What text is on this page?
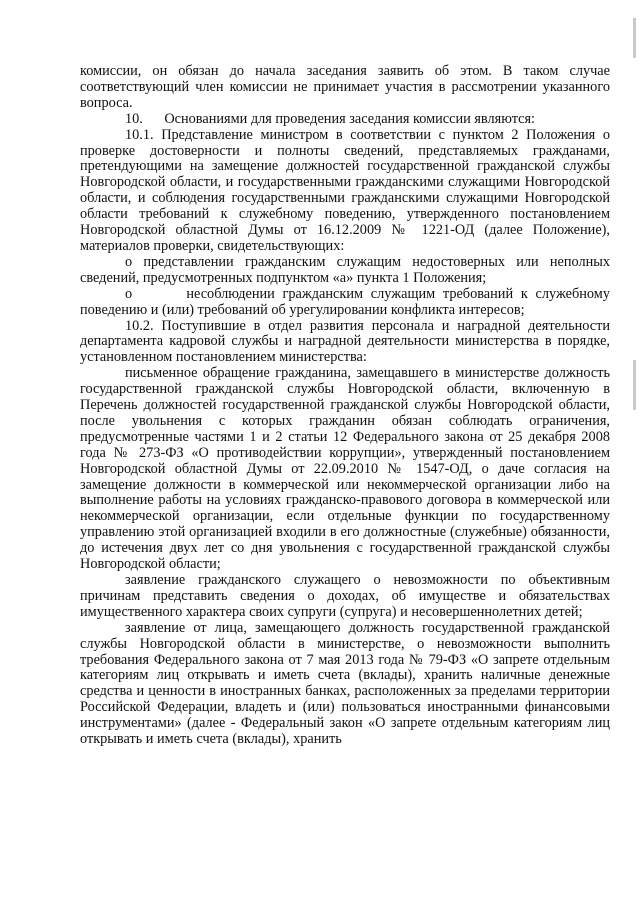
комиссии, он обязан до начала заседания заявить об этом. В таком случае соответствующий член комиссии не принимает участия в рассмотрении указанного вопроса.

10.      Основаниями для проведения заседания комиссии являются:

10.1. Представление министром в соответствии с пунктом 2 Положения о проверке достоверности и полноты сведений, представляемых гражданами, претендующими на замещение должностей государственной гражданской службы Новгородской области, и государственными гражданскими служащими Новгородской области, и соблюдения государственными гражданскими служащими Новгородской области требований к служебному поведению, утвержденного постановлением Новгородской областной Думы от 16.12.2009 № 1221-ОД (далее Положение), материалов проверки, свидетельствующих:

о представлении гражданским служащим недостоверных или неполных сведений, предусмотренных подпунктом «а» пункта 1 Положения;

о       несоблюдении гражданским служащим требований к служебному поведению и (или) требований об урегулировании конфликта интересов;

10.2. Поступившие в отдел развития персонала и наградной деятельности департамента кадровой службы и наградной деятельности министерства в порядке, установленном постановлением министерства:

письменное обращение гражданина, замещавшего в министерстве должность государственной гражданской службы Новгородской области, включенную в Перечень должностей государственной гражданской службы Новгородской области, после увольнения с которых гражданин обязан соблюдать ограничения, предусмотренные частями 1 и 2 статьи 12 Федерального закона от 25 декабря 2008 года № 273-ФЗ «О противодействии коррупции», утвержденный постановлением Новгородской областной Думы от 22.09.2010 № 1547-ОД, о даче согласия на замещение должности в коммерческой или некоммерческой организации либо на выполнение работы на условиях гражданско-правового договора в коммерческой или некоммерческой организации, если отдельные функции по государственному управлению этой организацией входили в его должностные (служебные) обязанности, до истечения двух лет со дня увольнения с государственной гражданской службы Новгородской области;

заявление гражданского служащего о невозможности по объективным причинам представить сведения о доходах, об имуществе и обязательствах имущественного характера своих супруги (супруга) и несовершеннолетних детей;

заявление от лица, замещающего должность государственной гражданской службы Новгородской области в министерстве, о невозможности выполнить требования Федерального закона от 7 мая 2013 года № 79-ФЗ «О запрете отдельным категориям лиц открывать и иметь счета (вклады), хранить наличные денежные средства и ценности в иностранных банках, расположенных за пределами территории Российской Федерации, владеть и (или) пользоваться иностранными финансовыми инструментами» (далее - Федеральный закон «О запрете отдельным категориям лиц открывать и иметь счета (вклады), хранить
